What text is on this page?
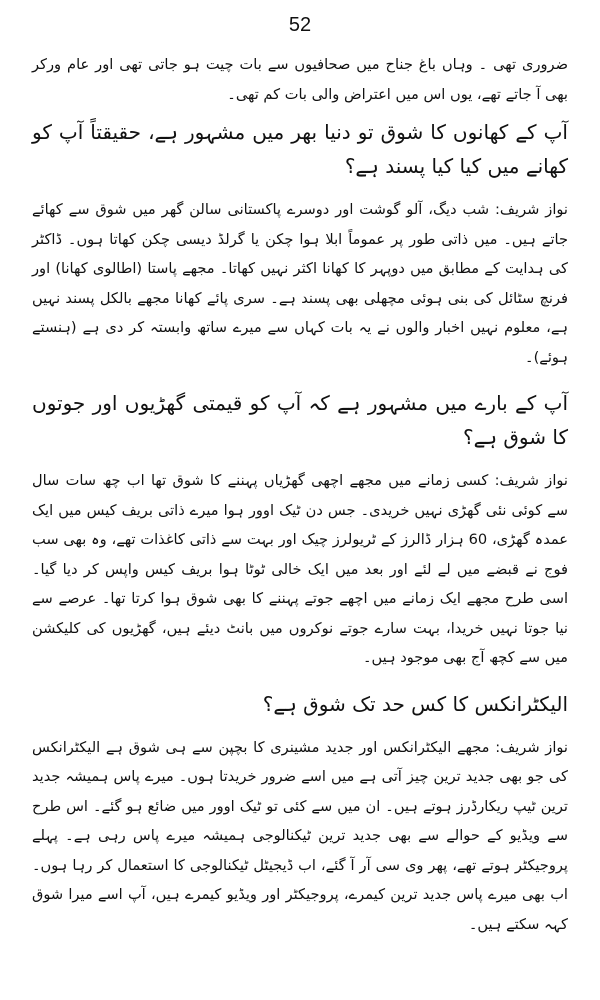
52

ضروری تھی ۔ وہاں باغ جناح میں صحافیوں سے بات چیت ہو جاتی تھی اور عام ورکر بھی آ جاتے تھے، یوں اس میں اعتراض والی بات کم تھی۔

آپ کے کھانوں کا شوق تو دنیا بھر میں مشہور ہے، حقیقتاً آپ کو کھانے میں کیا کیا پسند ہے؟

نواز شریف: شب دیگ، آلو گوشت اور دوسرے پاکستانی سالن گھر میں شوق سے کھائے جاتے ہیں۔ میں ذاتی طور پر عموماً ابلا ہوا چکن یا گرلڈ دیسی چکن کھاتا ہوں۔ ڈاکٹر کی ہدایت کے مطابق میں دوپہر کا کھانا اکثر نہیں کھاتا۔ مجھے پاستا (اطالوی کھانا) اور فرنچ سٹائل کی بنی ہوئی مچھلی بھی پسند ہے۔ سری پائے کھانا مجھے بالکل پسند نہیں ہے، معلوم نہیں اخبار والوں نے یہ بات کہاں سے میرے ساتھ وابستہ کر دی ہے (ہنستے ہوئے)۔

آپ کے بارے میں مشہور ہے کہ آپ کو قیمتی گھڑیوں اور جوتوں کا شوق ہے؟

نواز شریف: کسی زمانے میں مجھے اچھی گھڑیاں پہننے کا شوق تھا اب چھ سات سال سے کوئی نئی گھڑی نہیں خریدی۔ جس دن ٹیک اوور ہوا میرے ذاتی بریف کیس میں ایک عمدہ گھڑی، 60 ہزار ڈالرز کے ٹریولرز چیک اور بہت سے ذاتی کاغذات تھے، وہ بھی سب فوج نے قبضے میں لے لئے اور بعد میں ایک خالی ٹوٹا ہوا بریف کیس واپس کر دیا گیا۔ اسی طرح مجھے ایک زمانے میں اچھے جوتے پہننے کا بھی شوق ہوا کرتا تھا۔ عرصے سے نیا جوتا نہیں خریدا، بہت سارے جوتے نوکروں میں بانٹ دیئے ہیں، گھڑیوں کی کلیکشن میں سے کچھ آج بھی موجود ہیں۔

الیکٹرانکس کا کس حد تک شوق ہے؟

نواز شریف: مجھے الیکٹرانکس اور جدید مشینری کا بچپن سے ہی شوق ہے الیکٹرانکس کی جو بھی جدید ترین چیز آتی ہے میں اسے ضرور خریدتا ہوں۔ میرے پاس ہمیشہ جدید ترین ٹیپ ریکارڈرز ہوتے ہیں۔ ان میں سے کئی تو ٹیک اوور میں ضائع ہو گئے۔ اس طرح سے ویڈیو کے حوالے سے بھی جدید ترین ٹیکنالوجی ہمیشہ میرے پاس رہی ہے۔ پہلے پروجیکٹر ہوتے تھے، پھر وی سی آر آ گئے، اب ڈیجیٹل ٹیکنالوجی کا استعمال کر رہا ہوں۔ اب بھی میرے پاس جدید ترین کیمرے، پروجیکٹر اور ویڈیو کیمرے ہیں، آپ اسے میرا شوق کہہ سکتے ہیں۔
